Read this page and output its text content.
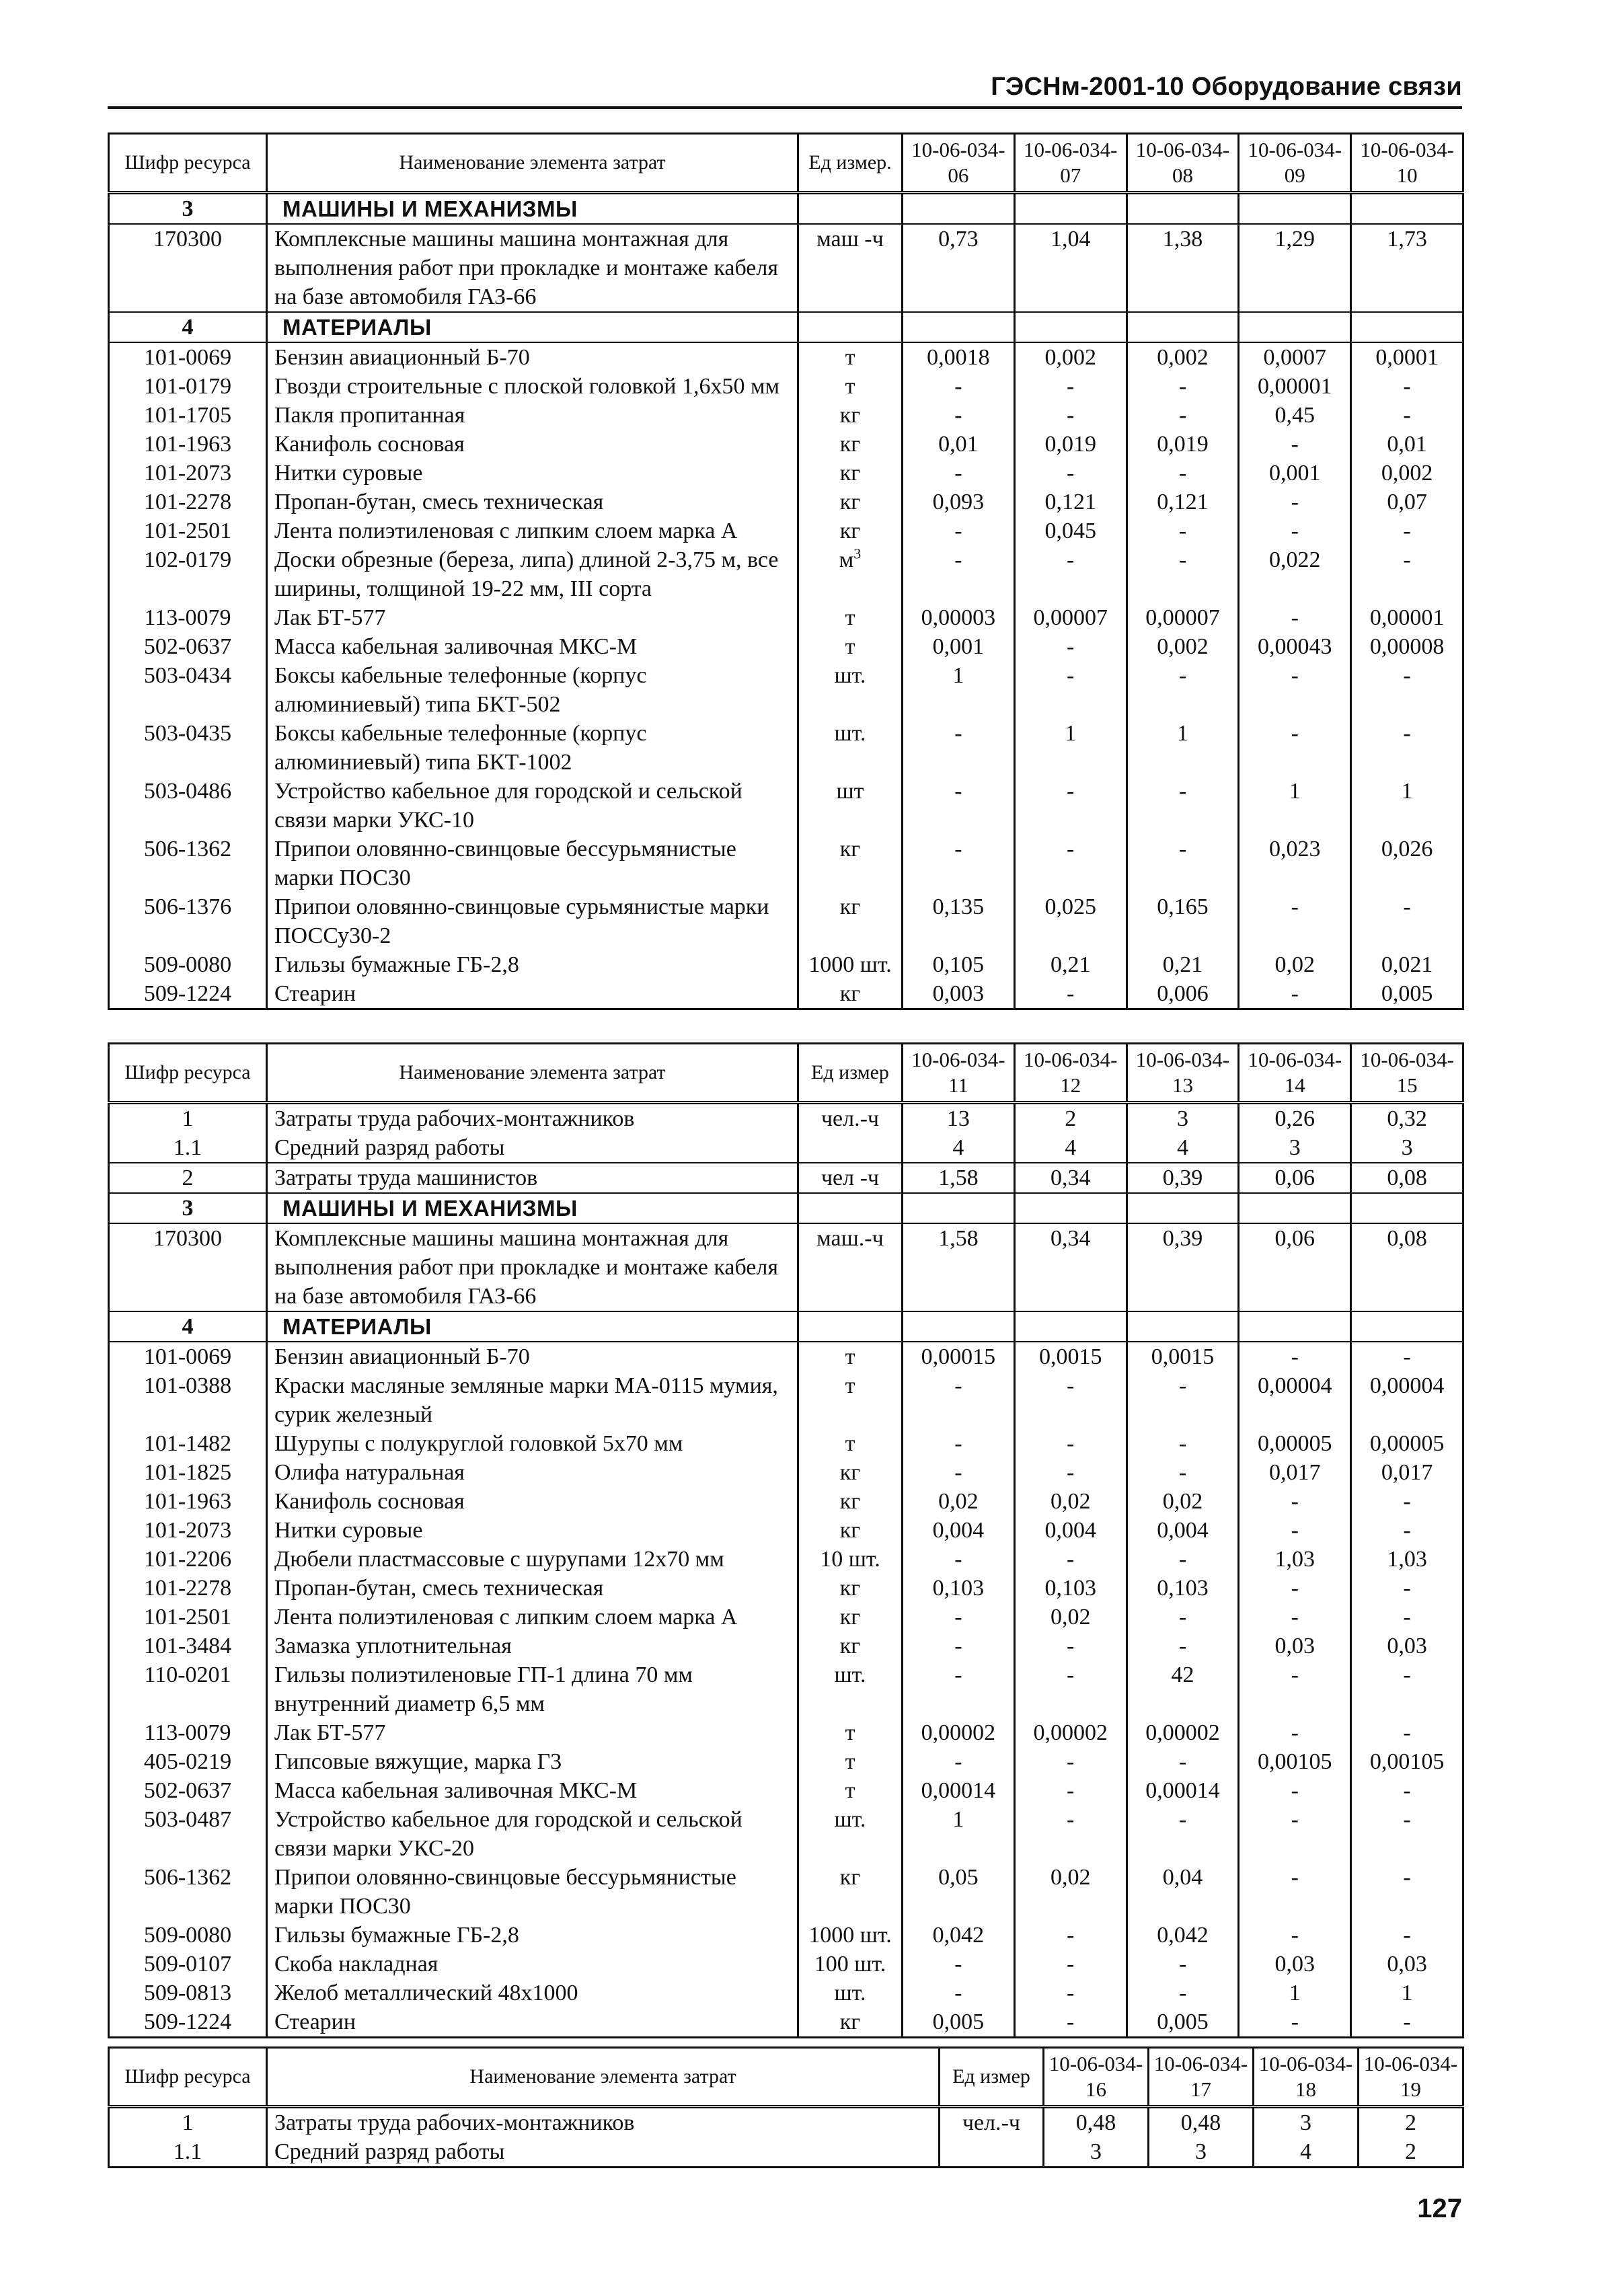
ГЭСНм-2001-10 Оборудование связи
Шифр ресурса	Наименование элемента затрат	Ед измер.	10-06-034-06	10-06-034-07	10-06-034-08	10-06-034-09	10-06-034-10
3	МАШИНЫ И МЕХАНИЗМЫ						
170300	Комплексные машины машина монтажная для выполнения работ при прокладке и монтаже кабеля на базе автомобиля ГАЗ-66	маш -ч	0,73	1,04	1,38	1,29	1,73
4	МАТЕРИАЛЫ						
101-0069	Бензин авиационный Б-70	т	0,0018	0,002	0,002	0,0007	0,0001
101-0179	Гвозди строительные с плоской головкой 1,6х50 мм	т	-	-	-	0,00001	-
101-1705	Пакля пропитанная	кг	-	-	-	0,45	-
101-1963	Канифоль сосновая	кг	0,01	0,019	0,019	-	0,01
101-2073	Нитки суровые	кг	-	-	-	0,001	0,002
101-2278	Пропан-бутан, смесь техническая	кг	0,093	0,121	0,121	-	0,07
101-2501	Лента полиэтиленовая с липким слоем марка А	кг	-	0,045	-	-	-
102-0179	Доски обрезные (береза, липа) длиной 2-3,75 м, все ширины, толщиной 19-22 мм, III сорта	$м^3$	-	-	-	0,022	-
113-0079	Лак БТ-577	т	0,00003	0,00007	0,00007	-	0,00001
502-0637	Масса кабельная заливочная МКС-М	т	0,001	-	0,002	0,00043	0,00008
503-0434	Боксы кабельные телефонные (корпус алюминиевый) типа БКТ-502	шт.	1	-	-	-	-
503-0435	Боксы кабельные телефонные (корпус алюминиевый) типа БКТ-1002	шт.	-	1	1	-	-
503-0486	Устройство кабельное для городской и сельской связи марки УКС-10	шт	-	-	-	1	1
506-1362	Припои оловянно-свинцовые бессурьмянистые марки ПОС30	кг	-	-	-	0,023	0,026
506-1376	Припои оловянно-свинцовые сурьмянистые марки ПОССу30-2	кг	0,135	0,025	0,165	-	-
509-0080	Гильзы бумажные ГБ-2,8	1000 шт.	0,105	0,21	0,21	0,02	0,021
509-1224	Стеарин	кг	0,003	-	0,006	-	0,005
Шифр ресурса	Наименование элемента затрат	Ед измер	10-06-034-11	10-06-034-12	10-06-034-13	10-06-034-14	10-06-034-15
1	Затраты труда рабочих-монтажников	чел.-ч	13	2	3	0,26	0,32
1.1	Средний разряд работы		4	4	4	3	3
2	Затраты труда машинистов	чел -ч	1,58	0,34	0,39	0,06	0,08
3	МАШИНЫ И МЕХАНИЗМЫ						
170300	Комплексные машины машина монтажная для выполнения работ при прокладке и монтаже кабеля на базе автомобиля ГАЗ-66	маш.-ч	1,58	0,34	0,39	0,06	0,08
4	МАТЕРИАЛЫ						
101-0069	Бензин авиационный Б-70	т	0,00015	0,0015	0,0015	-	-
101-0388	Краски масляные земляные марки МА-0115 мумия, сурик железный	т	-	-	-	0,00004	0,00004
101-1482	Шурупы с полукруглой головкой 5х70 мм	т	-	-	-	0,00005	0,00005
101-1825	Олифа натуральная	кг	-	-	-	0,017	0,017
101-1963	Канифоль сосновая	кг	0,02	0,02	0,02	-	-
101-2073	Нитки суровые	кг	0,004	0,004	0,004	-	-
101-2206	Дюбели пластмассовые с шурупами 12х70 мм	10 шт.	-	-	-	1,03	1,03
101-2278	Пропан-бутан, смесь техническая	кг	0,103	0,103	0,103	-	-
101-2501	Лента полиэтиленовая с липким слоем марка А	кг	-	0,02	-	-	-
101-3484	Замазка уплотнительная	кг	-	-	-	0,03	0,03
110-0201	Гильзы полиэтиленовые ГП-1 длина 70 мм внутренний диаметр 6,5 мм	шт.	-	-	42	-	-
113-0079	Лак БТ-577	т	0,00002	0,00002	0,00002	-	-
405-0219	Гипсовые вяжущие, марка Г3	т	-	-	-	0,00105	0,00105
502-0637	Масса кабельная заливочная МКС-М	т	0,00014	-	0,00014	-	-
503-0487	Устройство кабельное для городской и сельской связи марки УКС-20	шт.	1	-	-	-	-
506-1362	Припои оловянно-свинцовые бессурьмянистые марки ПОС30	кг	0,05	0,02	0,04	-	-
509-0080	Гильзы бумажные ГБ-2,8	1000 шт.	0,042	-	0,042	-	-
509-0107	Скоба накладная	100 шт.	-	-	-	0,03	0,03
509-0813	Желоб металлический 48х1000	шт.	-	-	-	1	1
509-1224	Стеарин	кг	0,005	-	0,005	-	-
Шифр ресурса	Наименование элемента затрат	Ед измер	10-06-034-16	10-06-034-17	10-06-034-18	10-06-034-19
1	Затраты труда рабочих-монтажников	чел.-ч	0,48	0,48	3	2
1.1	Средний разряд работы		3	3	4	2
127
